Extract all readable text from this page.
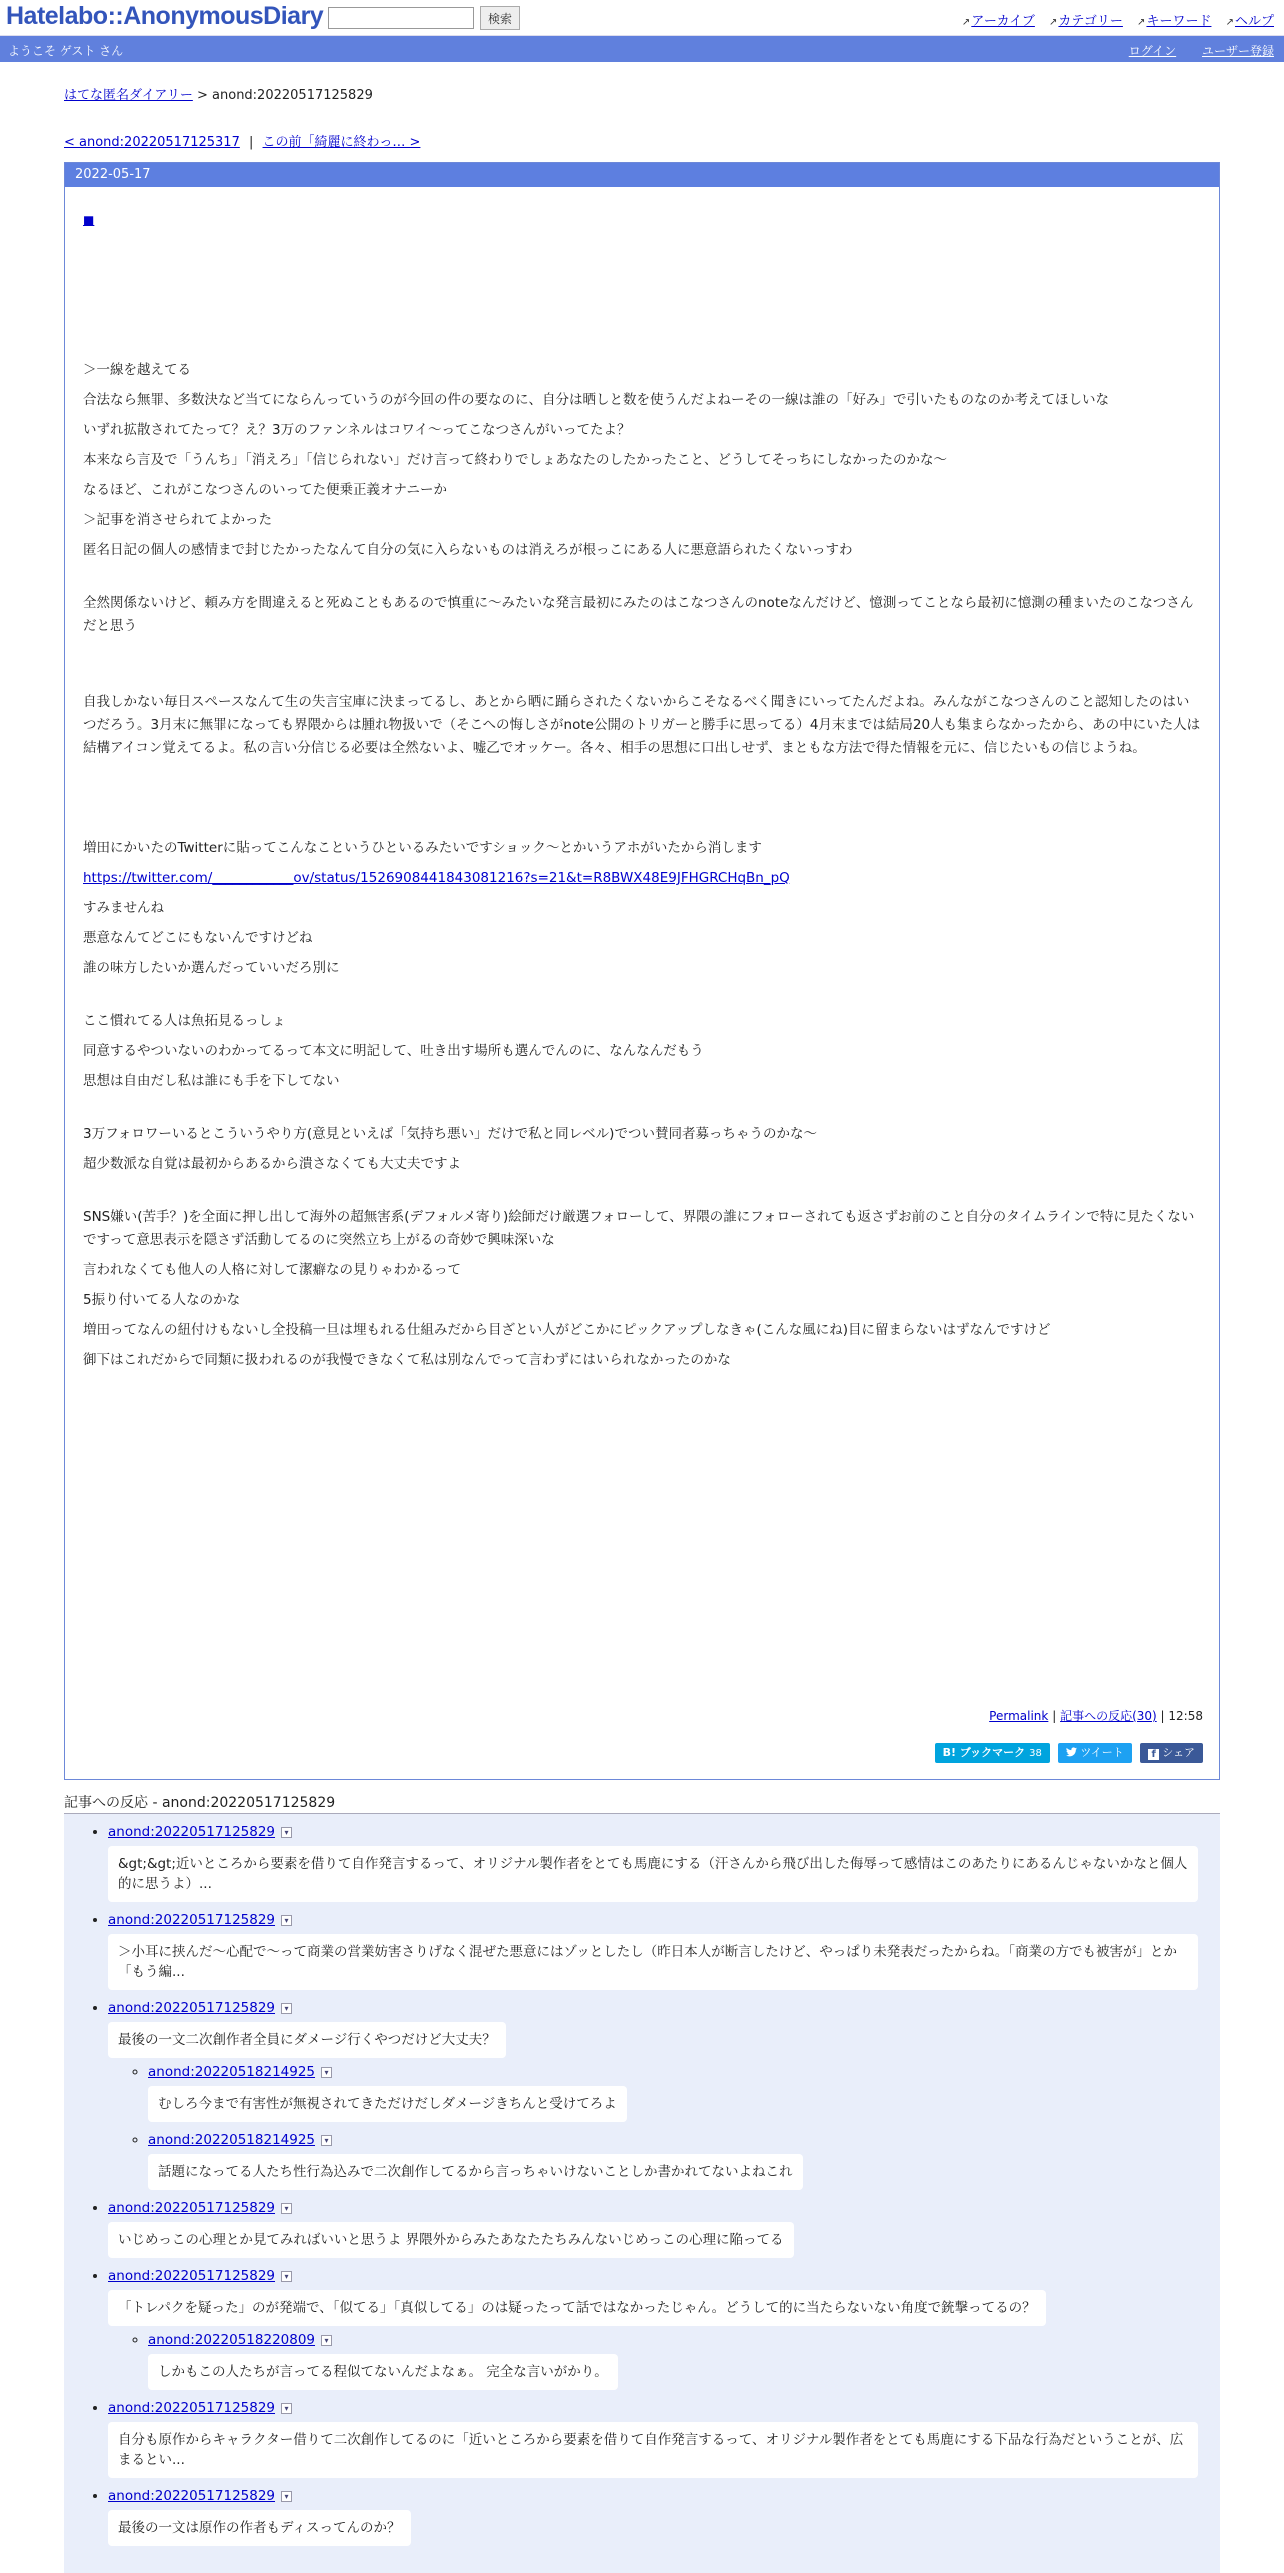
Hatelabo::AnonymousDiary	検索	↗ アーカイブ ↗ カテゴリー ↗ キーワード ↗ ヘルプ
ようこそ ゲスト さん	ログイン ユーザー登録
はてな匿名ダイアリー > anond:20220517125829
< anond:20220517125317 | この前「綺麗に終わっ… >
2022-05-17
■

＞一線を越えてる

合法なら無罪、多数決など当てにならんっていうのが今回の件の要なのに、自分は晒しと数を使うんだよねーその一線は誰の「好み」で引いたものなのか考えてほしいな

いずれ拡散されてたって？え？3万のファンネルはコワイ～ってこなつさんがいってたよ？

本来なら言及で「うんち」「消えろ」「信じられない」だけ言って終わりでしょあなたのしたかったこと、どうしてそっちにしなかったのかな～

なるほど、これがこなつさんのいってた便乗正義オナニーか

＞記事を消させられてよかった

匿名日記の個人の感情まで封じたかったなんて自分の気に入らないものは消えろが根っこにある人に悪意語られたくないっすわ

全然関係ないけど、頼み方を間違えると死ぬこともあるので慎重に～みたいな発言最初にみたのはこなつさんのnoteなんだけど、憶測ってことなら最初に憶測の種まいたのこなつさんだと思う

自我しかない毎日スペースなんて生の失言宝庫に決まってるし、あとから晒に踊らされたくないからこそなるべく聞きにいってたんだよね。みんながこなつさんのこと認知したのはいつだろう。3月末に無罪になっても界隈からは腫れ物扱いで（そこへの悔しさがnote公開のトリガーと勝手に思ってる）4月末までは結局20人も集まらなかったから、あの中にいた人は結構アイコン覚えてるよ。私の言い分信じる必要は全然ないよ、嘘乙でオッケー。各々、相手の思想に口出しせず、まともな方法で得た情報を元に、信じたいもの信じようね。

増田にかいたのTwitterに貼ってこんなこというひといるみたいですショック〜とかいうアホがいたから消します

https://twitter.com/____________ov/status/1526908441843081216?s=21&t=R8BWX48E9JFHGRCHqBn_pQ

すみませんね

悪意なんてどこにもないんですけどね

誰の味方したいか選んだっていいだろ別に

ここ慣れてる人は魚拓見るっしょ

同意するやついないのわかってるって本文に明記して、吐き出す場所も選んでんのに、なんなんだもう

思想は自由だし私は誰にも手を下してない

3万フォロワーいるとこういうやり方(意見といえば「気持ち悪い」だけで私と同レベル)でつい賛同者募っちゃうのかな〜

超少数派な自覚は最初からあるから潰さなくても大丈夫ですよ

SNS嫌い(苦手？)を全面に押し出して海外の超無害系(デフォルメ寄り)絵師だけ厳選フォローして、界隈の誰にフォローされても返さずお前のこと自分のタイムラインで特に見たくないですって意思表示を隠さず活動してるのに突然立ち上がるの奇妙で興味深いな

言われなくても他人の人格に対して潔癖なの見りゃわかるって

5振り付いてる人なのかな

増田ってなんの紐付けもないし全投稿一旦は埋もれる仕組みだから目ざとい人がどこかにピックアップしなきゃ(こんな風にね)目に留まらないはずなんですけど

御下はこれだからで同類に扱われるのが我慢できなくて私は別なんでって言わずにはいられなかったのかな

Permalink | 記事への反応(30) | 12:58
B! ブックマーク 38	ツイート	f シェア
記事への反応 - anond:20220517125829
• anond:20220517125829 ▾
&gt;&gt;近いところから要素を借りて自作発言するって、オリジナル製作者をとても馬鹿にする（汗さんから飛び出した侮辱って感情はこのあたりにあるんじゃないかなと個人的に思うよ）...
• anond:20220517125829 ▾
＞小耳に挟んだ～心配で～って商業の営業妨害さりげなく混ぜた悪意にはゾッとしたし（昨日本人が断言したけど、やっぱり未発表だったからね。「商業の方でも被害が」とか「もう編...
• anond:20220517125829 ▾
最後の一文二次創作者全員にダメージ行くやつだけど大丈夫？
◦ anond:20220518214925 ▾
むしろ今まで有害性が無視されてきただけだしダメージきちんと受けてろよ
◦ anond:20220518214925 ▾
話題になってる人たち性行為込みで二次創作してるから言っちゃいけないことしか書かれてないよねこれ
• anond:20220517125829 ▾
いじめっこの心理とか見てみればいいと思うよ 界隈外からみたあなたたちみんないじめっこの心理に陥ってる
• anond:20220517125829 ▾
「トレパクを疑った」のが発端で、「似てる」「真似してる」のは疑ったって話ではなかったじゃん。どうして的に当たらないない角度で銃撃ってるの？
◦ anond:20220518220809 ▾
しかもこの人たちが言ってる程似てないんだよなぁ。 完全な言いがかり。
• anond:20220517125829 ▾
自分も原作からキャラクター借りて二次創作してるのに「近いところから要素を借りて自作発言するって、オリジナル製作者をとても馬鹿にする下品な行為だということが、広まるとい...
• anond:20220517125829 ▾
最後の一文は原作の作者もディスってんのか？
